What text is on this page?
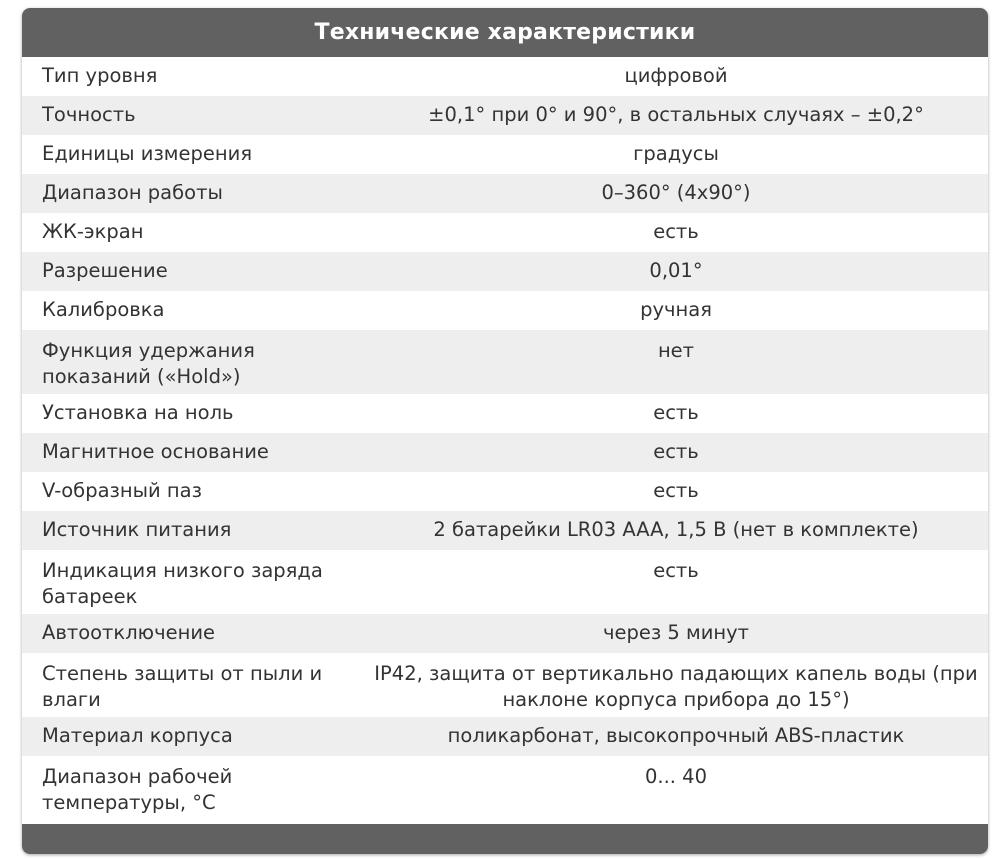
Технические характеристики
Тип уровня	цифровой
Точность	±0,1° при 0° и 90°, в остальных случаях – ±0,2°
Единицы измерения	градусы
Диапазон работы	0–360° (4x90°)
ЖК-экран	есть
Разрешение	0,01°
Калибровка	ручная
Функция удержания показаний («Hold»)	нет
Установка на ноль	есть
Магнитное основание	есть
V-образный паз	есть
Источник питания	2 батарейки LR03 AAA, 1,5 В (нет в комплекте)
Индикация низкого заряда батареек	есть
Автоотключение	через 5 минут
Степень защиты от пыли и влаги	IP42, защита от вертикально падающих капель воды (при наклоне корпуса прибора до 15°)
Материал корпуса	поликарбонат, высокопрочный ABS-пластик
Диапазон рабочей температуры, °С	0... 40
